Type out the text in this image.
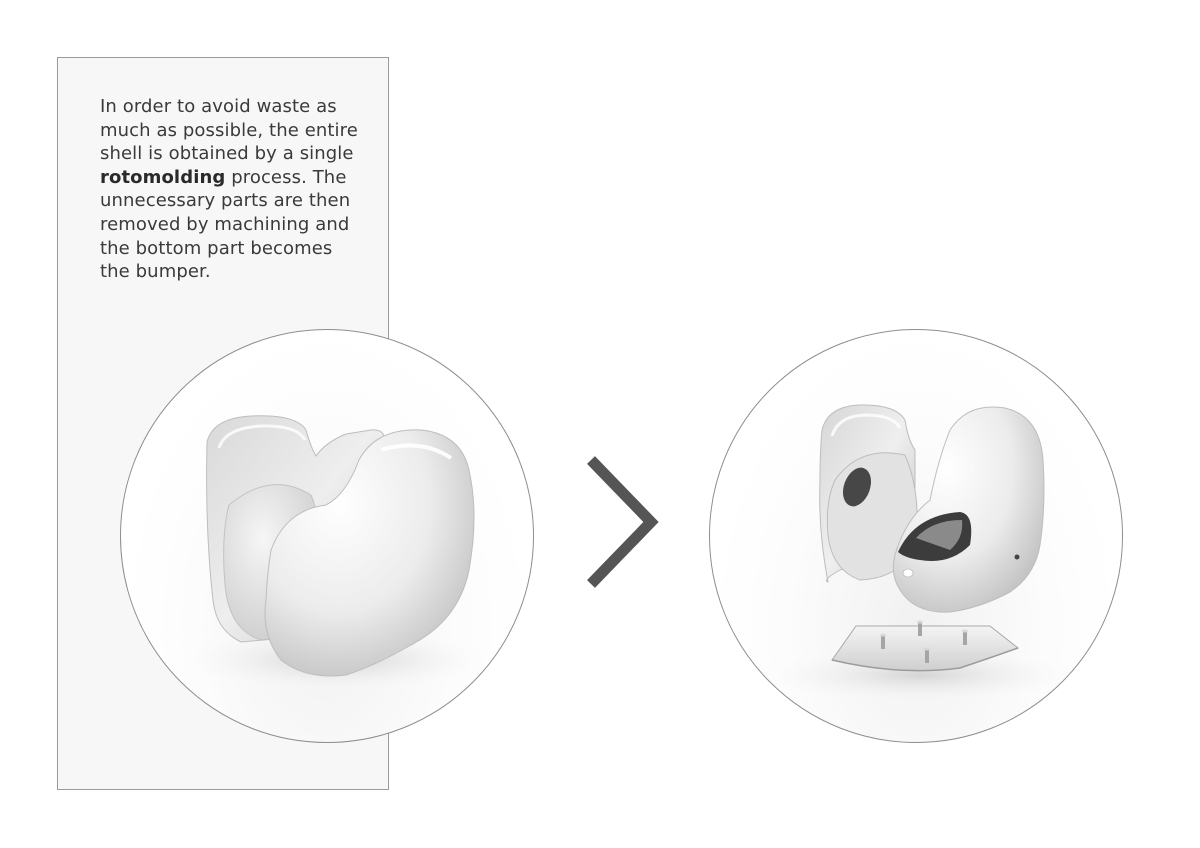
In order to avoid waste as
much as possible, the entire
shell is obtained by a single
rotomolding process. The
unnecessary parts are then
removed by machining and
the bottom part becomes
the bumper.
